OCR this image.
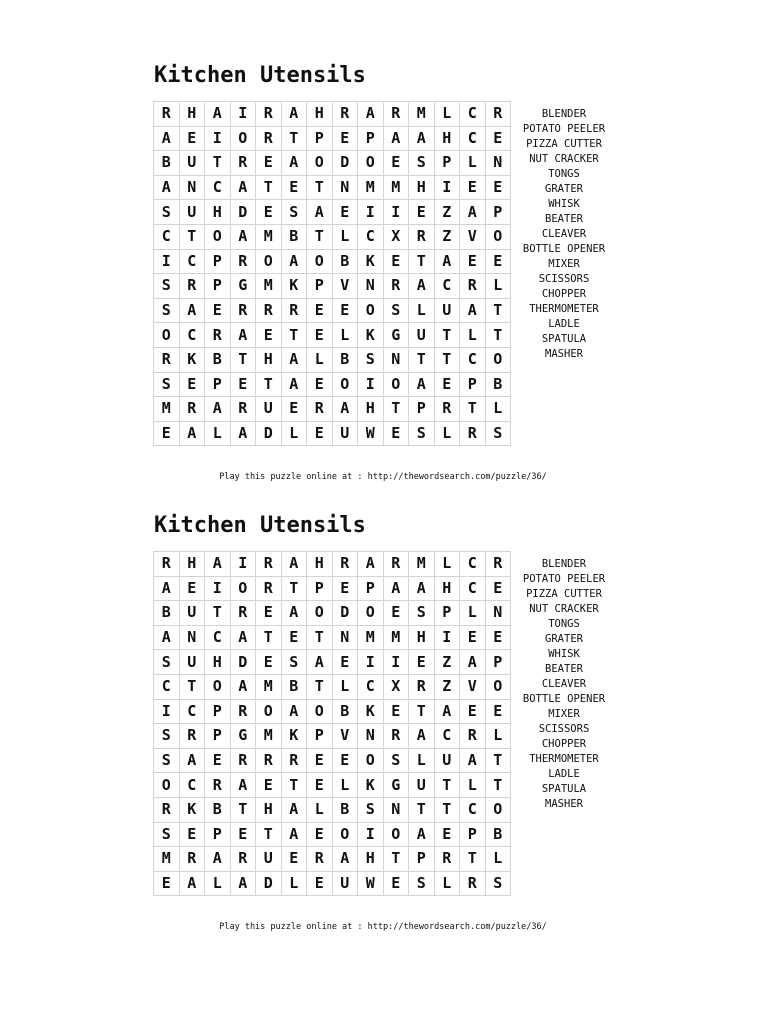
Kitchen Utensils
R	H	A	I	R	A	H	R	A	R	M	L	C	R
A	E	I	O	R	T	P	E	P	A	A	H	C	E
B	U	T	R	E	A	O	D	O	E	S	P	L	N
A	N	C	A	T	E	T	N	M	M	H	I	E	E
S	U	H	D	E	S	A	E	I	I	E	Z	A	P
C	T	O	A	M	B	T	L	C	X	R	Z	V	O
I	C	P	R	O	A	O	B	K	E	T	A	E	E
S	R	P	G	M	K	P	V	N	R	A	C	R	L
S	A	E	R	R	R	E	E	O	S	L	U	A	T
O	C	R	A	E	T	E	L	K	G	U	T	L	T
R	K	B	T	H	A	L	B	S	N	T	T	C	O
S	E	P	E	T	A	E	O	I	O	A	E	P	B
M	R	A	R	U	E	R	A	H	T	P	R	T	L
E	A	L	A	D	L	E	U	W	E	S	L	R	S
BLENDER
POTATO PEELER
PIZZA CUTTER
NUT CRACKER
TONGS
GRATER
WHISK
BEATER
CLEAVER
BOTTLE OPENER
MIXER
SCISSORS
CHOPPER
THERMOMETER
LADLE
SPATULA
MASHER
Play this puzzle online at : http://thewordsearch.com/puzzle/36/
Kitchen Utensils
R	H	A	I	R	A	H	R	A	R	M	L	C	R
A	E	I	O	R	T	P	E	P	A	A	H	C	E
B	U	T	R	E	A	O	D	O	E	S	P	L	N
A	N	C	A	T	E	T	N	M	M	H	I	E	E
S	U	H	D	E	S	A	E	I	I	E	Z	A	P
C	T	O	A	M	B	T	L	C	X	R	Z	V	O
I	C	P	R	O	A	O	B	K	E	T	A	E	E
S	R	P	G	M	K	P	V	N	R	A	C	R	L
S	A	E	R	R	R	E	E	O	S	L	U	A	T
O	C	R	A	E	T	E	L	K	G	U	T	L	T
R	K	B	T	H	A	L	B	S	N	T	T	C	O
S	E	P	E	T	A	E	O	I	O	A	E	P	B
M	R	A	R	U	E	R	A	H	T	P	R	T	L
E	A	L	A	D	L	E	U	W	E	S	L	R	S
BLENDER
POTATO PEELER
PIZZA CUTTER
NUT CRACKER
TONGS
GRATER
WHISK
BEATER
CLEAVER
BOTTLE OPENER
MIXER
SCISSORS
CHOPPER
THERMOMETER
LADLE
SPATULA
MASHER
Play this puzzle online at : http://thewordsearch.com/puzzle/36/
